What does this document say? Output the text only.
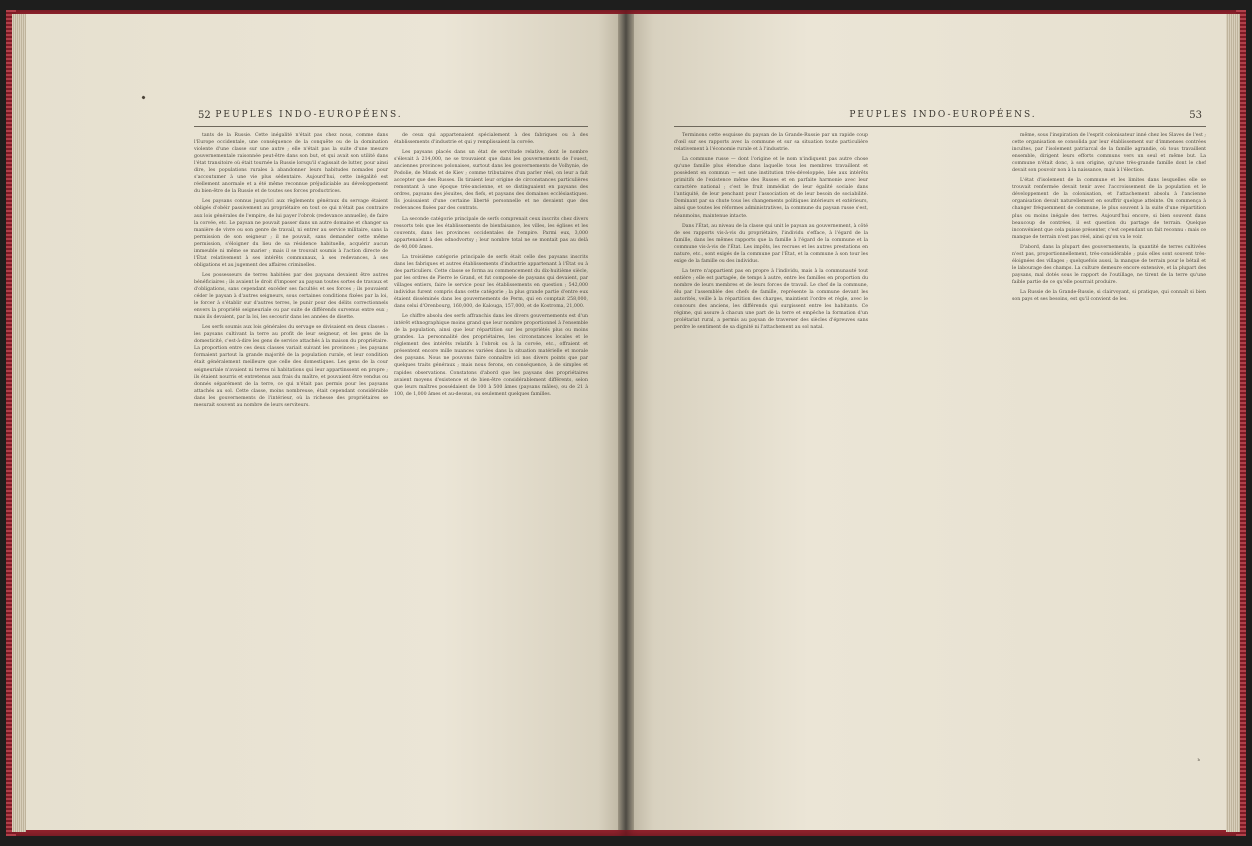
52 PEUPLES INDO-EUROPÉENS.

tants de la Russie. Cette inégalité n'était pas chez nous, comme dans l'Europe occidentale, une conséquence de la conquête ou de la domination violente d'une classe sur une autre ; elle n'était pas la suite d'une mesure gouvernementale raisonnée peut-être dans son but, et qui avait son utilité dans l'état transitoire où était tournée la Russie lorsqu'il s'agissait de lutter, pour ainsi dire, les populations rurales à abandonner leurs habitudes nomades pour s'accoutumer à une vie plus sédentaire. Aujourd'hui, cette inégalité est réellement anormale et a été même reconnue préjudiciable au développement du bien-être de la Russie et de toutes ses forces productrices.

Les paysans connus jusqu'ici aux règlements généraux du servage étaient obligés d'obéir passivement au propriétaire en tout ce qui n'était pas contraire aux lois générales de l'empire, de lui payer l'obrok (redevance annuelle), de faire la corvée, etc. Le paysan ne pouvait passer dans un autre domaine et changer sa manière de vivre ou son genre de travail, ni entrer au service militaire, sans la permission de son seigneur ; il ne pouvait, sans demander cette même permission, s'éloigner du lieu de sa résidence habituelle, acquérir aucun immeuble ni même se marier ; mais il se trouvait soumis à l'action directe de l'État relativement à ses intérêts communaux, à ses redevances, à ses obligations et au jugement des affaires criminelles.

Les possesseurs de terres habitées par des paysans devaient être autres bénéficiaires ; ils avaient le droit d'imposer au paysan toutes sortes de travaux et d'obligations, sans cependant excéder ses facultés et ses forces ; ils pouvaient céder le paysan à d'autres seigneurs, sous certaines conditions fixées par la loi, le forcer à s'établir sur d'autres terres, le punir pour des délits correctionnels envers la propriété seigneuriale ou par suite de différends survenus entre eux ; mais ils devaient, par la loi, les secourir dans les années de disette.

Les serfs soumis aux lois générales du servage se divisaient en deux classes : les paysans cultivant la terre au profit de leur seigneur, et les gens de la domesticité, c'est-à-dire les gens de service attachés à la maison du propriétaire. La proportion entre ces deux classes variait suivant les provinces ; les paysans formaient partout la grande majorité de la population rurale, et leur condition était généralement meilleure que celle des domestiques. Les gens de la cour seigneuriale n'avaient ni terres ni habitations qui leur appartinssent en propre ; ils étaient nourris et entretenus aux frais du maître, et pouvaient être vendus ou donnés séparément de la terre, ce qui n'était pas permis pour les paysans attachés au sol. Cette classe, moins nombreuse, était cependant considérable dans les gouvernements de l'intérieur, où la richesse des propriétaires se mesurait souvent au nombre de leurs serviteurs.

de ceux qui appartenaient spécialement à des fabriques ou à des établissements d'industrie et qui y remplissaient la corvée.

Les paysans placés dans un état de servitude relative, dont le nombre s'élevait à 214,000, ne se trouvaient que dans les gouvernements de l'ouest, anciennes provinces polonaises, surtout dans les gouvernements de Volhynie, de Podolie, de Minsk et de Kiev ; comme tributaires d'un parler réel, on leur a fait accepter que des Russes. Ils tiraient leur origine de circonstances particulières remontant à une époque très-ancienne, et se distinguaient en paysans des ordres, paysans des jésuites, des fiefs, et paysans des domaines ecclésiastiques. Ils jouissaient d'une certaine liberté personnelle et ne devaient que des redevances fixées par des contrats.

La seconde catégorie principale de serfs comprenait ceux inscrits chez divers ressorts tels que les établissements de bienfaisance, les villes, les églises et les couvents, dans les provinces occidentales de l'empire. Parmi eux, 3,000 appartenaient à des odnodvortsy ; leur nombre total ne se montait pas au delà de 40,000 âmes.

La troisième catégorie principale de serfs était celle des paysans inscrits dans les fabriques et autres établissements d'industrie appartenant à l'État ou à des particuliers. Cette classe se forma au commencement du dix-huitième siècle, par les ordres de Pierre le Grand, et fut composée de paysans qui devaient, par villages entiers, faire le service pour les établissements en question ; 542,000 individus furent compris dans cette catégorie ; la plus grande partie d'entre eux étaient disséminés dans les gouvernements de Perm, qui en comptait 258,000, dans celui d'Orenbourg, 160,000, de Kalouga, 157,000, et de Kostroma, 21,000.

Le chiffre absolu des serfs affranchis dans les divers gouvernements est d'un intérêt ethnographique moins grand que leur nombre proportionnel à l'ensemble de la population, ainsi que leur répartition sur les propriétés plus ou moins grandes. La personnalité des propriétaires, les circonstances locales et le règlement des intérêts relatifs à l'obrok ou à la corvée, etc., offraient et présentent encore mille nuances variées dans la situation matérielle et morale des paysans. Nous ne pouvons faire connaître ici nos divers points que par quelques traits généraux ; mais nous ferons, en conséquence, à de simples et rapides observations. Constatons d'abord que les paysans des propriétaires avaient moyens d'existence et de bien-être considérablement différents, selon que leurs maîtres possédaient de 100 à 500 âmes (paysans mâles), ou de 21 à 100, de 1,000 âmes et au-dessus, ou seulement quelques familles.

PEUPLES INDO-EUROPÉENS.	53

Terminons cette esquisse du paysan de la Grande-Russie par un rapide coup d'œil sur ses rapports avec la commune et sur sa situation toute particulière relativement à l'économie rurale et à l'industrie.

La commune russe — dont l'origine et le nom n'indiquent pas autre chose qu'une famille plus étendue dans laquelle tous les membres travaillent et possèdent en commun — est une institution très-développée, liée aux intérêts primitifs de l'existence même des Russes et en parfaite harmonie avec leur caractère national ; c'est le fruit immédiat de leur égalité sociale dans l'antiquité, de leur penchant pour l'association et de leur besoin de sociabilité. Dominant par sa chute tous les changements politiques intérieurs et extérieurs, ainsi que toutes les réformes administratives, la commune du paysan russe s'est, néanmoins, maintenue intacte.

Dans l'État, au niveau de la classe qui unit le paysan au gouvernement, à côté de ses rapports vis-à-vis du propriétaire, l'individu s'efface, à l'égard de la famille, dans les mêmes rapports que la famille à l'égard de la commune et la commune vis-à-vis de l'État. Les impôts, les recrues et les autres prestations en nature, etc., sont exigés de la commune par l'État, et la commune à son tour les exige de la famille ou des individus.

La terre n'appartient pas en propre à l'individu, mais à la communauté tout entière ; elle est partagée, de temps à autre, entre les familles en proportion du nombre de leurs membres et de leurs forces de travail. Le chef de la commune, élu par l'assemblée des chefs de famille, représente la commune devant les autorités, veille à la répartition des charges, maintient l'ordre et règle, avec le concours des anciens, les différends qui surgissent entre les habitants. Ce régime, qui assure à chacun une part de la terre et empêche la formation d'un prolétariat rural, a permis au paysan de traverser des siècles d'épreuves sans perdre le sentiment de sa dignité ni l'attachement au sol natal.

même, sous l'inspiration de l'esprit colonisateur inné chez les Slaves de l'est ; cette organisation se consolida par leur établissement sur d'immenses contrées incultes, par l'isolement patriarcal de la famille agrandie, où tous travaillent ensemble, dirigent leurs efforts communs vers un seul et même but. La commune n'était donc, à son origine, qu'une très-grande famille dont le chef devait son pouvoir non à la naissance, mais à l'élection.

L'état d'isolement de la commune et les limites dans lesquelles elle se trouvait renfermée devait tenir avec l'accroissement de la population et le développement de la colonisation, et l'attachement absolu à l'ancienne organisation devait naturellement en souffrir quelque atteinte. On commença à changer fréquemment de commune, le plus souvent à la suite d'une répartition plus ou moins inégale des terres. Aujourd'hui encore, si bien souvent dans beaucoup de contrées, il est question du partage de terrain. Quelque inconvénient que cela puisse présenter, c'est cependant un fait reconnu : mais ce manque de terrain n'est pas réel, ainsi qu'on va le voir.

D'abord, dans la plupart des gouvernements, la quantité de terres cultivées n'est pas, proportionnellement, très-considérable ; puis elles sont souvent très-éloignées des villages ; quelquefois aussi, la manque de terrain pour le bétail et le labourage des champs. La culture demeure encore extensive, et la plupart des paysans, mal dotés sous le rapport de l'outillage, ne tirent de la terre qu'une faible partie de ce qu'elle pourrait produire.

La Russie de la Grande-Russie, si clairvoyant, si pratique, qui connaît si bien son pays et ses besoins, est qu'il convient de les.

b
